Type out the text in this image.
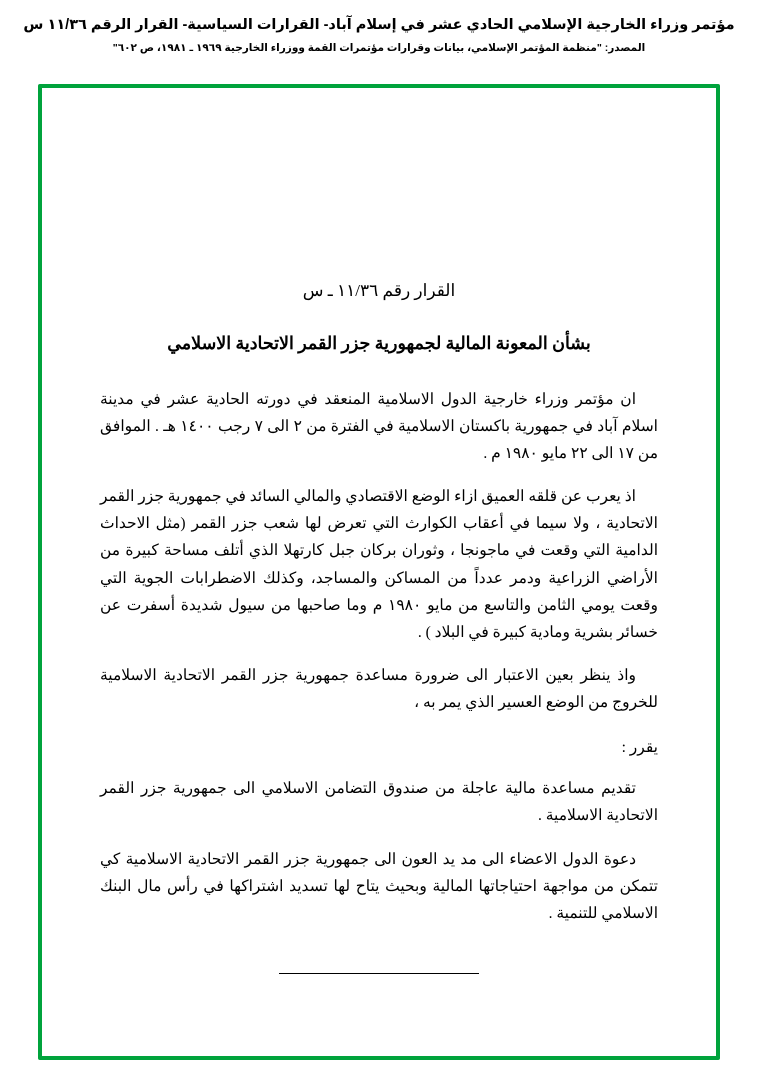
مؤتمر وزراء الخارجية الإسلامي الحادي عشر في إسلام آباد- القرارات السياسية- القرار الرقم ١١/٣٦ س
المصدر: "منظمة المؤتمر الإسلامي، بيانات وقرارات مؤتمرات القمة ووزراء الخارجية ١٩٦٩ ـ ١٩٨١، ص ٦٠٢"
القرار رقم ١١/٣٦ ـ س
بشأن المعونة المالية لجمهورية جزر القمر الاتحادية الاسلامي

ان مؤتمر وزراء خارجية الدول الاسلامية المنعقد في دورته الحادية عشر في مدينة اسلام آباد في جمهورية باكستان الاسلامية في الفترة من ٢ الى ٧ رجب ١٤٠٠ هـ . الموافق من ١٧ الى ٢٢ مايو ١٩٨٠ م .

اذ يعرب عن قلقه العميق ازاء الوضع الاقتصادي والمالي السائد في جمهورية جزر القمر الاتحادية ، ولا سيما في أعقاب الكوارث التي تعرض لها شعب جزر القمر (مثل الاحداث الدامية التي وقعت في ماجونجا ، وثوران بركان جبل كارتهلا الذي أتلف مساحة كبيرة من الأراضي الزراعية ودمر عدداً من المساكن والمساجد، وكذلك الاضطرابات الجوية التي وقعت يومي الثامن والتاسع من مايو ١٩٨٠ م وما صاحبها من سيول شديدة أسفرت عن خسائر بشرية ومادية كبيرة في البلاد ) .

واذ ينظر بعين الاعتبار الى ضرورة مساعدة جمهورية جزر القمر الاتحادية الاسلامية للخروج من الوضع العسير الذي يمر به ،

يقرر :

تقديم مساعدة مالية عاجلة من صندوق التضامن الاسلامي الى جمهورية جزر القمر الاتحادية الاسلامية .

دعوة الدول الاعضاء الى مد يد العون الى جمهورية جزر القمر الاتحادية الاسلامية كي تتمكن من مواجهة احتياجاتها المالية وبحيث يتاح لها تسديد اشتراكها في رأس مال البنك الاسلامي للتنمية .
